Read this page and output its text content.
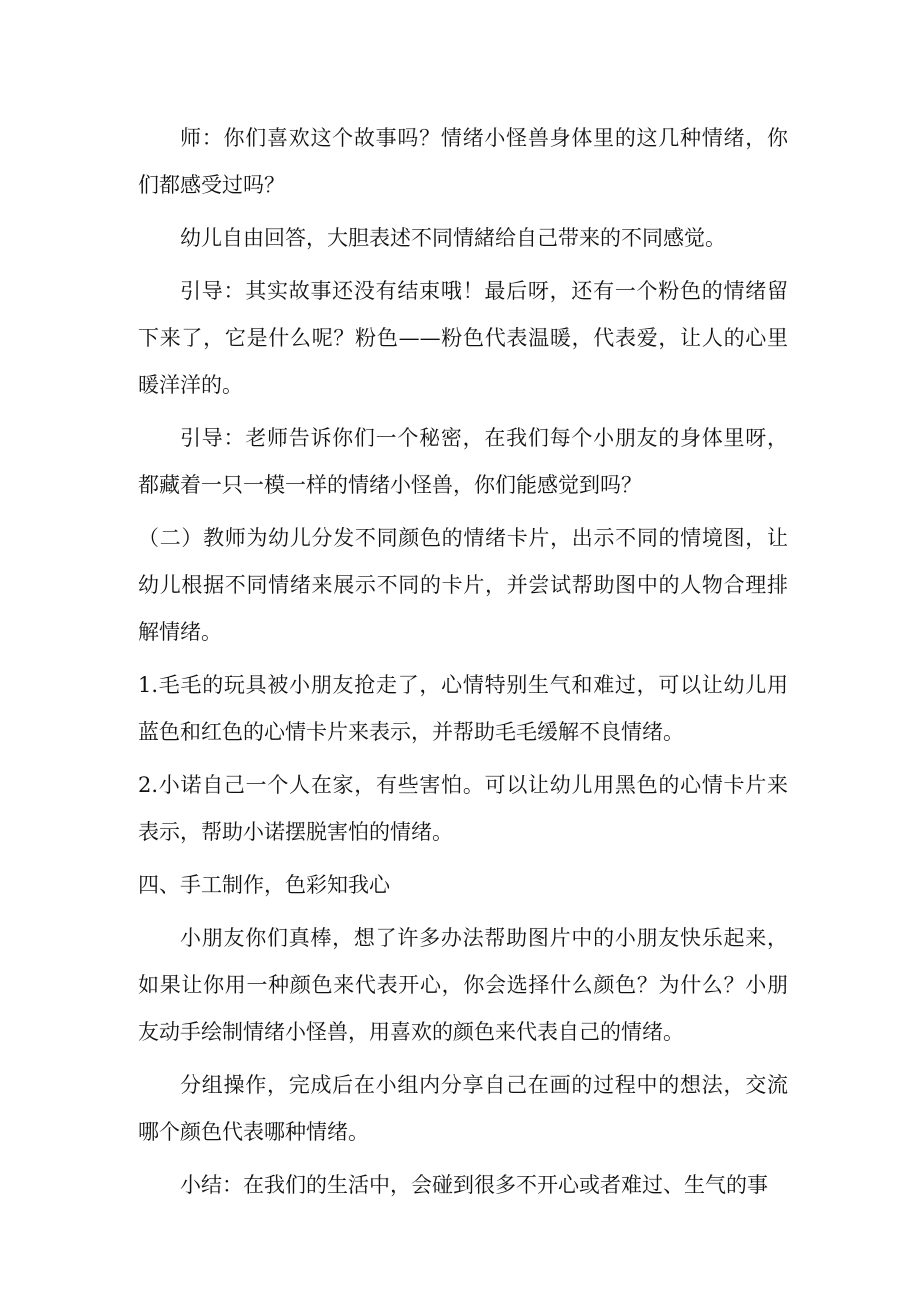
师：你们喜欢这个故事吗？情绪小怪兽身体里的这几种情绪，你们都感受过吗？

幼儿自由回答，大胆表述不同情緒给自己带来的不同感觉。

引导：其实故事还没有结束哦！最后呀，还有一个粉色的情绪留下来了，它是什么呢？粉色——粉色代表温暖，代表爱，让人的心里暖洋洋的。

引导：老师告诉你们一个秘密，在我们每个小朋友的身体里呀，都藏着一只一模一样的情绪小怪兽，你们能感觉到吗？

（二）教师为幼儿分发不同颜色的情绪卡片，出示不同的情境图，让幼儿根据不同情绪来展示不同的卡片，并尝试帮助图中的人物合理排解情绪。

1.毛毛的玩具被小朋友抢走了，心情特别生气和难过，可以让幼儿用蓝色和红色的心情卡片来表示，并帮助毛毛缓解不良情绪。

2.小诺自己一个人在家，有些害怕。可以让幼儿用黑色的心情卡片来表示，帮助小诺摆脱害怕的情绪。

四、手工制作，色彩知我心

小朋友你们真棒，想了许多办法帮助图片中的小朋友快乐起来，如果让你用一种颜色来代表开心，你会选择什么颜色？为什么？小朋友动手绘制情绪小怪兽，用喜欢的颜色来代表自己的情绪。

分组操作，完成后在小组内分享自己在画的过程中的想法，交流哪个颜色代表哪种情绪。

小结：在我们的生活中，会碰到很多不开心或者难过、生气的事
